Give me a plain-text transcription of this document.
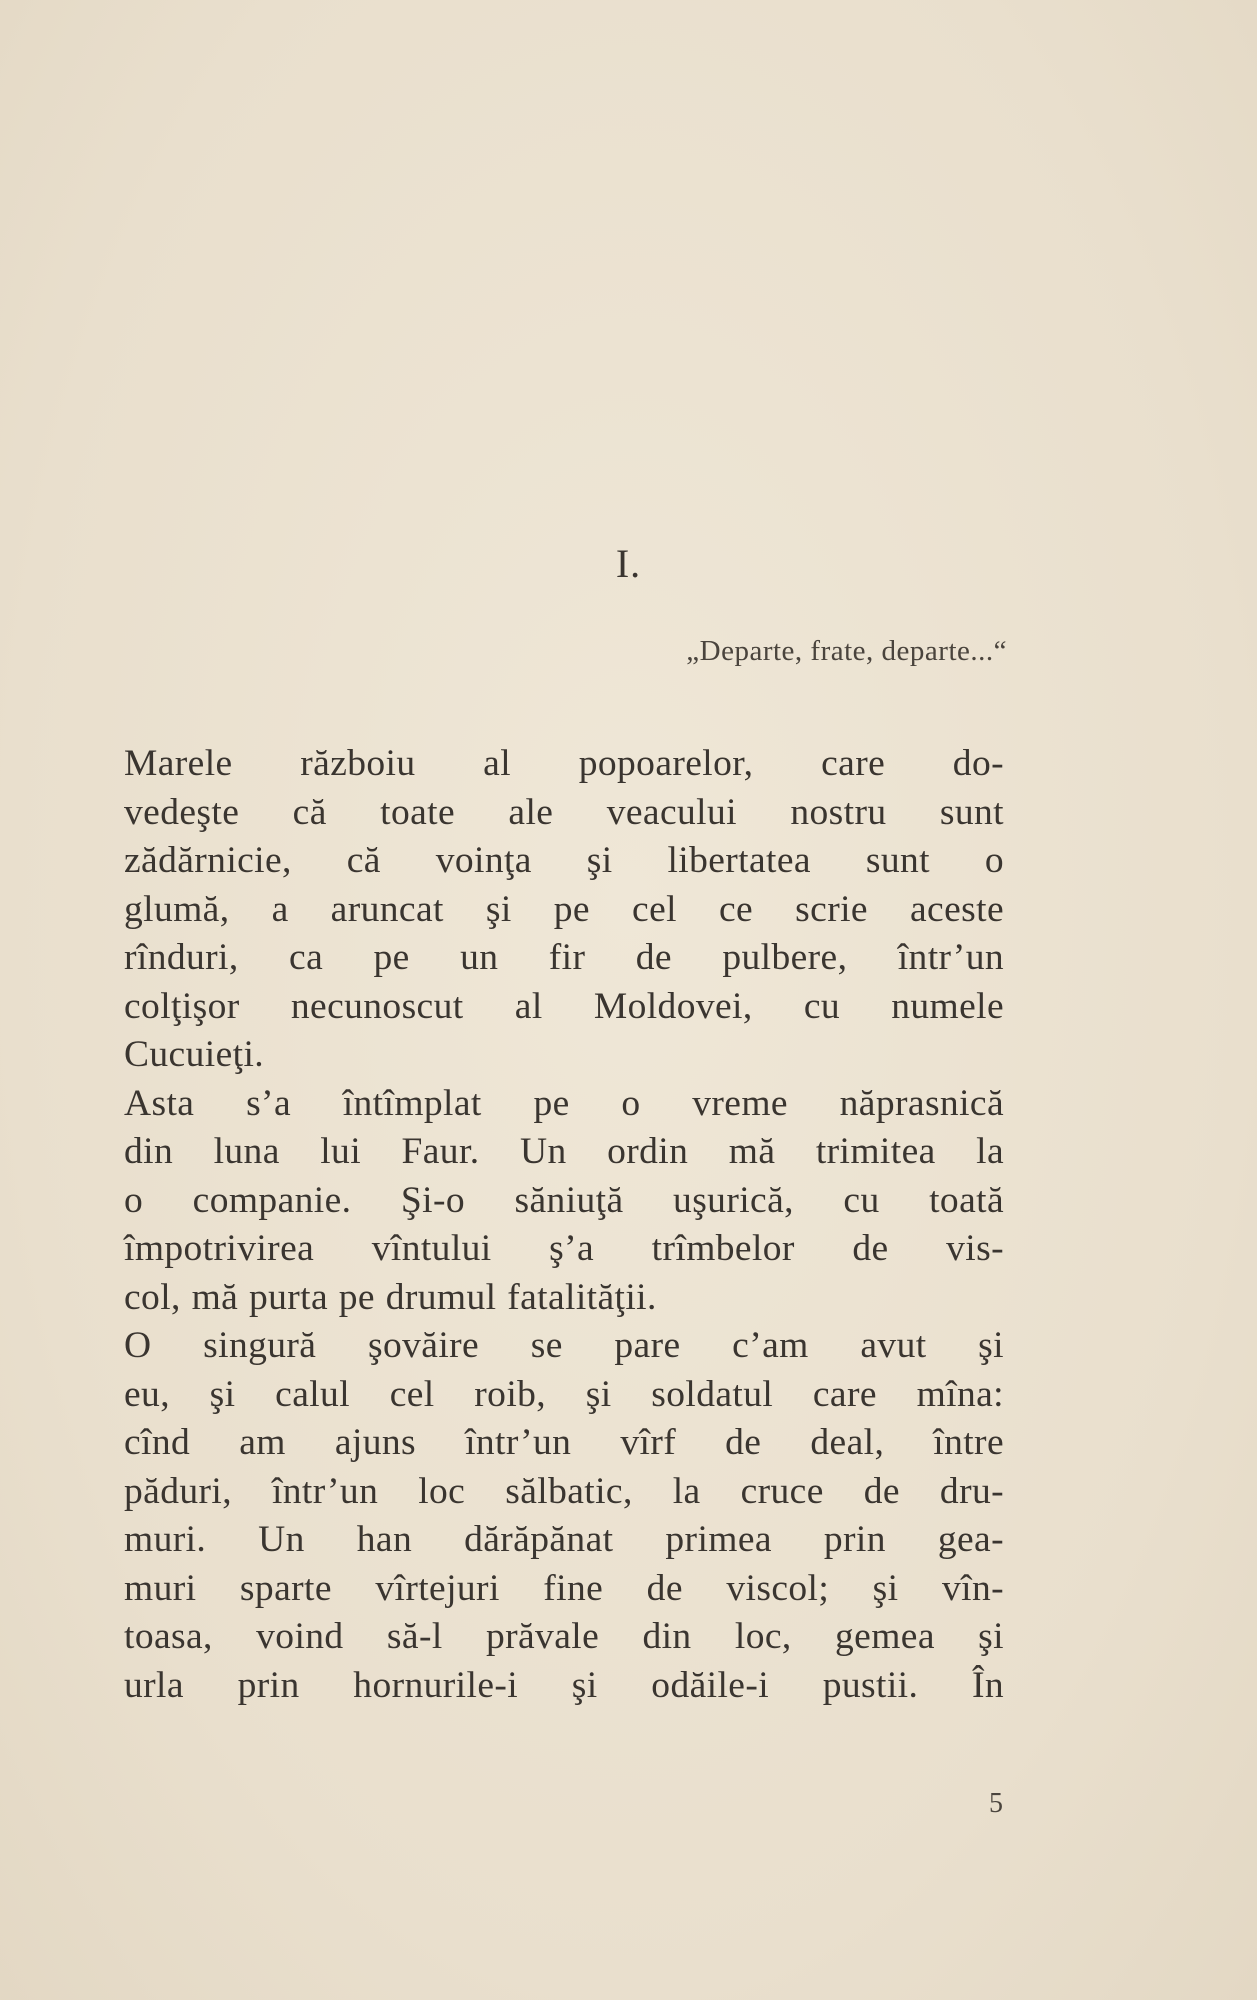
I.
„Departe, frate, departe...“
Marele războiu al popoarelor, care do-
vedeşte că toate ale veacului nostru sunt
zădărnicie, că voinţa şi libertatea sunt o
glumă, a aruncat şi pe cel ce scrie aceste
rînduri, ca pe un fir de pulbere, într’un
colţişor necunoscut al Moldovei, cu numele
Cucuieţi.
Asta s’a întîmplat pe o vreme năprasnică
din luna lui Faur. Un ordin mă trimitea la
o companie. Şi-o săniuţă uşurică, cu toată
împotrivirea vîntului ş’a trîmbelor de vis-
col, mă purta pe drumul fatalităţii.
O singură şovăire se pare c’am avut şi
eu, şi calul cel roib, şi soldatul care mîna:
cînd am ajuns într’un vîrf de deal, între
păduri, într’un loc sălbatic, la cruce de dru-
muri. Un han dărăpănat primea prin gea-
muri sparte vîrtejuri fine de viscol; şi vîn-
toasa, voind să-l prăvale din loc, gemea şi
urla prin hornurile-i şi odăile-i pustii. În
5
